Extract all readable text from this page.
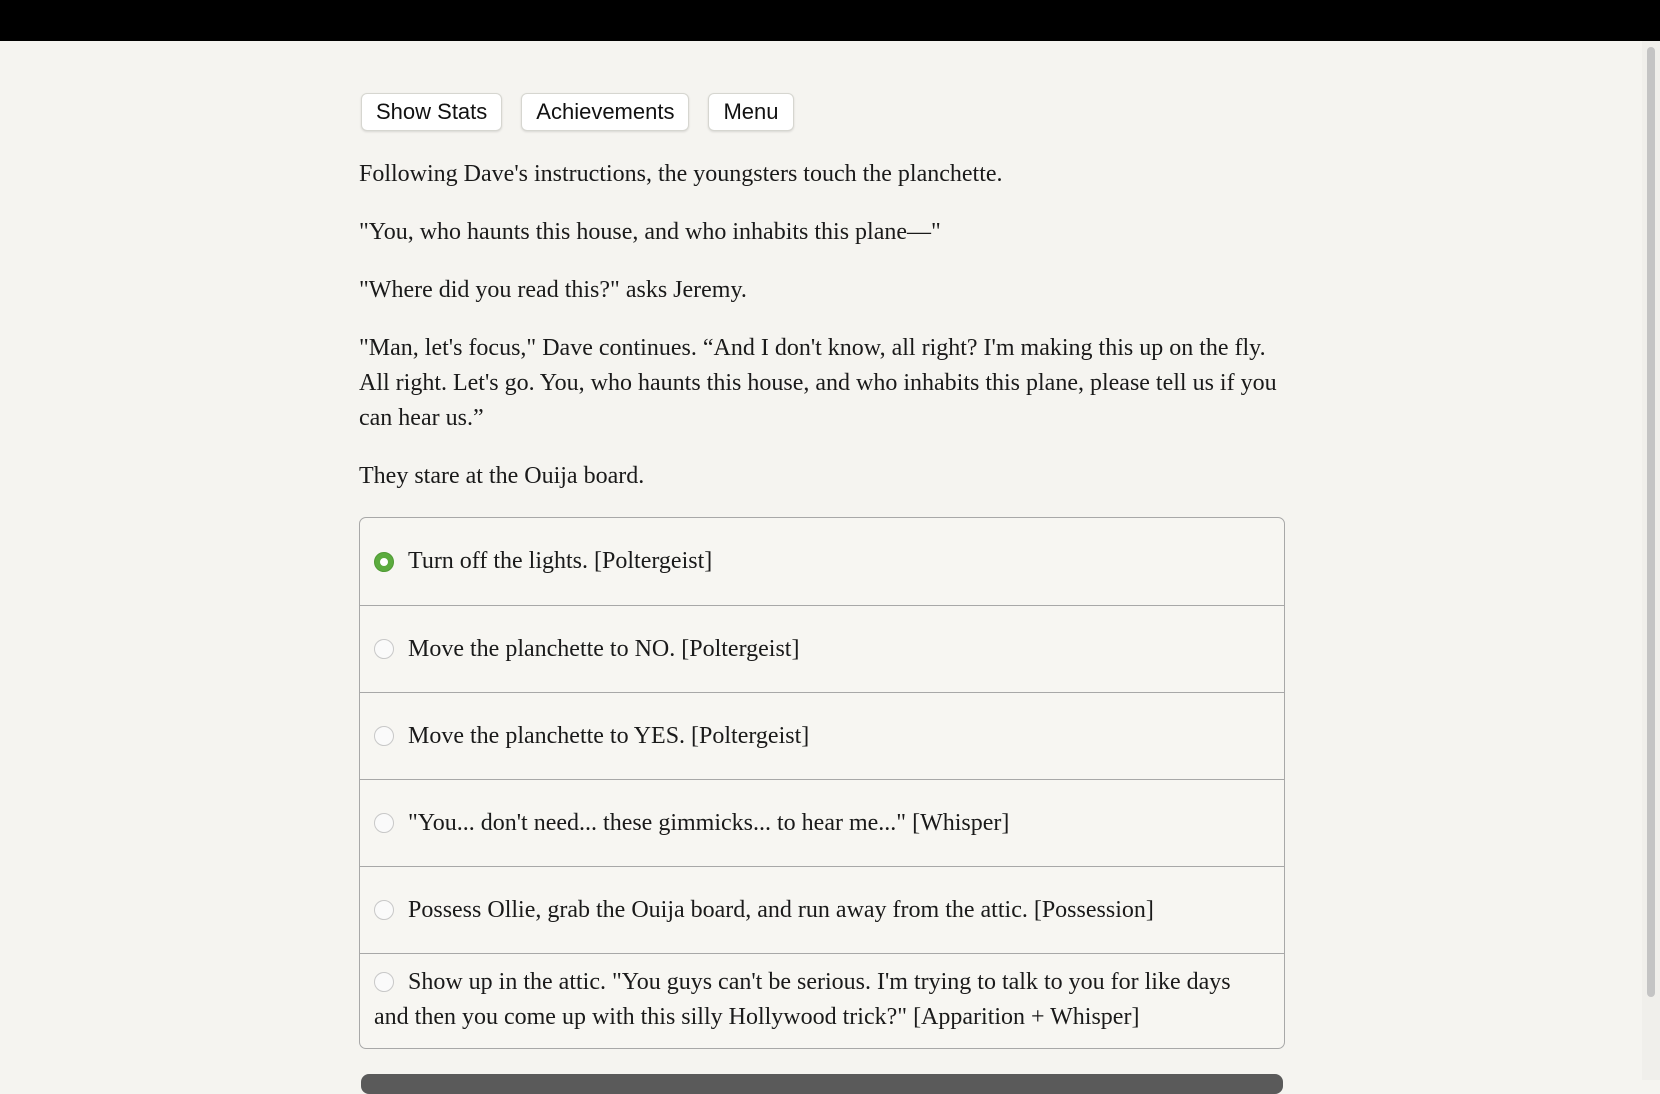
Show Stats	Achievements	Menu

Following Dave's instructions, the youngsters touch the planchette.

"You, who haunts this house, and who inhabits this plane—"

"Where did you read this?" asks Jeremy.

"Man, let's focus," Dave continues. “And I don't know, all right? I'm making this up on the fly. All right. Let's go. You, who haunts this house, and who inhabits this plane, please tell us if you can hear us.”

They stare at the Ouija board.

Turn off the lights. [Poltergeist]
Move the planchette to NO. [Poltergeist]
Move the planchette to YES. [Poltergeist]
"You... don't need... these gimmicks... to hear me..." [Whisper]
Possess Ollie, grab the Ouija board, and run away from the attic. [Possession]
Show up in the attic. "You guys can't be serious. I'm trying to talk to you for like days and then you come up with this silly Hollywood trick?" [Apparition + Whisper]
